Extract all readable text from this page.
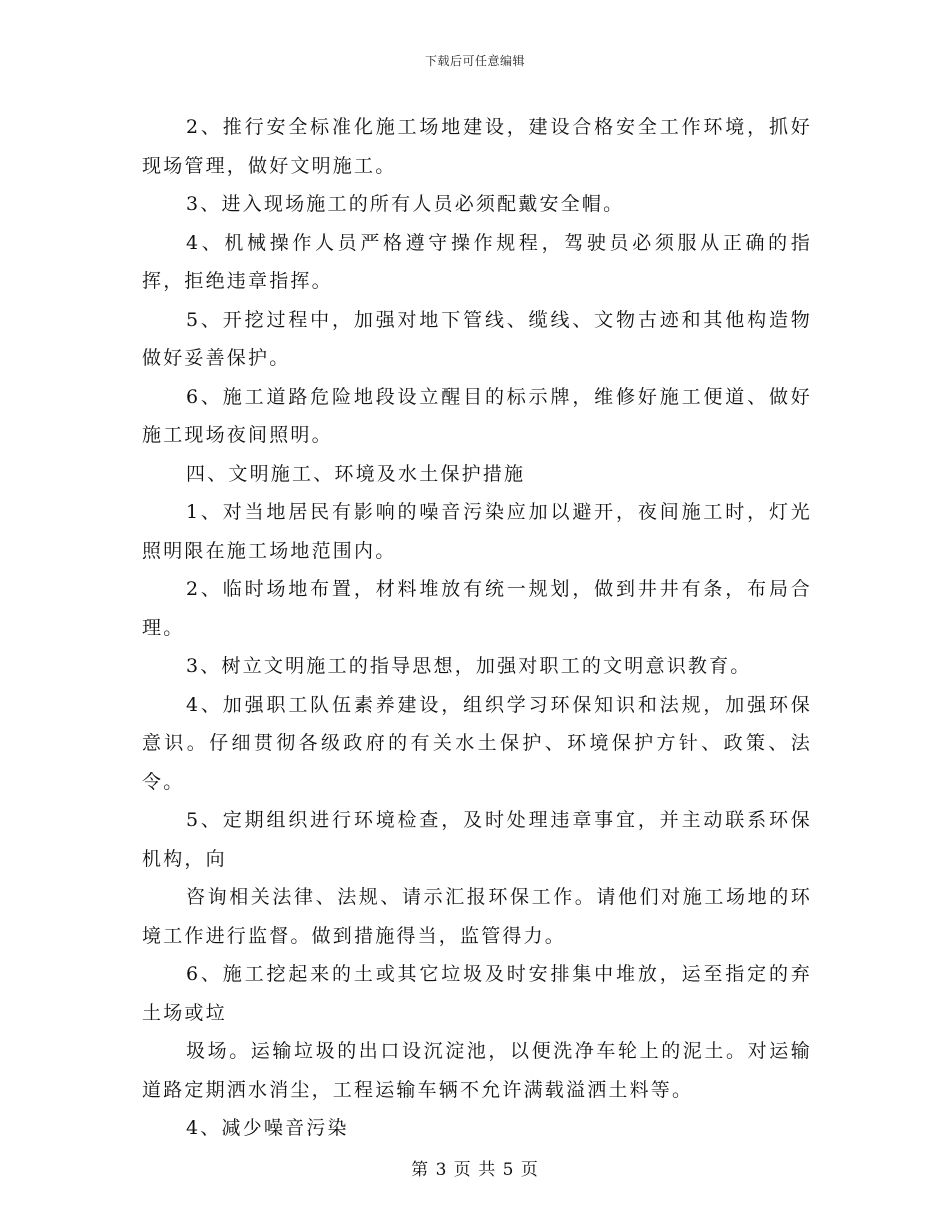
下载后可任意编辑

2、推行安全标准化施工场地建设，建设合格安全工作环境，抓好现场管理，做好文明施工。

3、进入现场施工的所有人员必须配戴安全帽。

4、机械操作人员严格遵守操作规程，驾驶员必须服从正确的指挥，拒绝违章指挥。

5、开挖过程中，加强对地下管线、缆线、文物古迹和其他构造物做好妥善保护。

6、施工道路危险地段设立醒目的标示牌，维修好施工便道、做好施工现场夜间照明。

四、文明施工、环境及水土保护措施

1、对当地居民有影响的噪音污染应加以避开，夜间施工时，灯光照明限在施工场地范围内。

2、临时场地布置，材料堆放有统一规划，做到井井有条，布局合理。

3、树立文明施工的指导思想，加强对职工的文明意识教育。

4、加强职工队伍素养建设，组织学习环保知识和法规，加强环保意识。仔细贯彻各级政府的有关水土保护、环境保护方针、政策、法令。

5、定期组织进行环境检查，及时处理违章事宜，并主动联系环保机构，向

咨询相关法律、法规、请示汇报环保工作。请他们对施工场地的环境工作进行监督。做到措施得当，监管得力。

6、施工挖起来的土或其它垃圾及时安排集中堆放，运至指定的弃土场或垃

圾场。运输垃圾的出口设沉淀池，以便洗净车轮上的泥土。对运输道路定期洒水消尘，工程运输车辆不允许满载溢洒土料等。

4、减少噪音污染

第 3 页 共 5 页
